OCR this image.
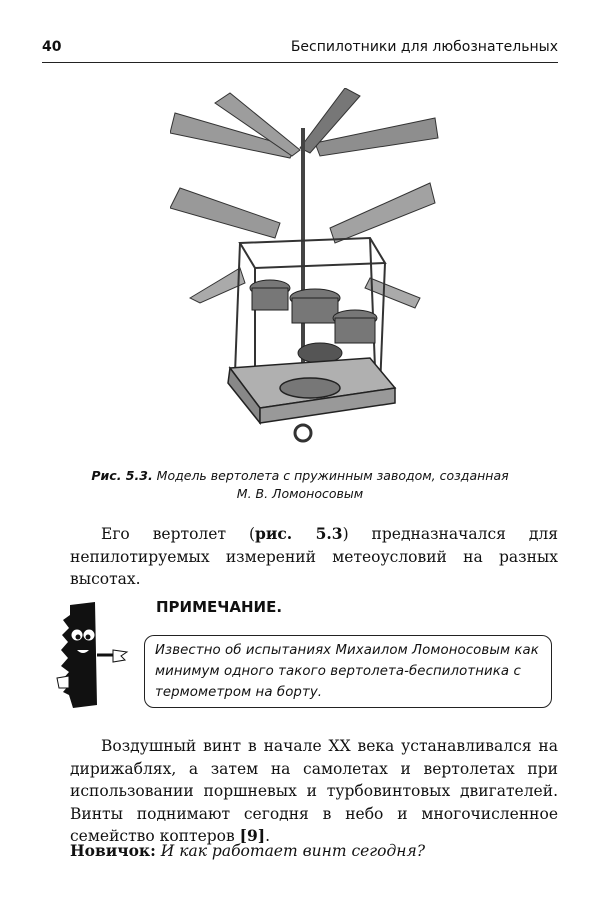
40	Беспилотники для любознательных
Рис. 5.3. Модель вертолета с пружинным заводом, созданная
М. В. Ломоносовым
  Его вертолет (рис. 5.3) предназначался для непилотируемых измерений метеоусловий на разных высотах.
ПРИМЕЧАНИЕ.
Известно об испытаниях Михаилом Ломоносовым как минимум одного такого вертолета-беспилотника с термометром на борту.
  Воздушный винт в начале XX века устанавливался на дирижаблях, а затем на самолетах и вертолетах при использовании поршневых и турбовинтовых двигателей. Винты поднимают сегодня в небо и многочисленное семейство коптеров [9].
Новичок: И как работает винт сегодня?
